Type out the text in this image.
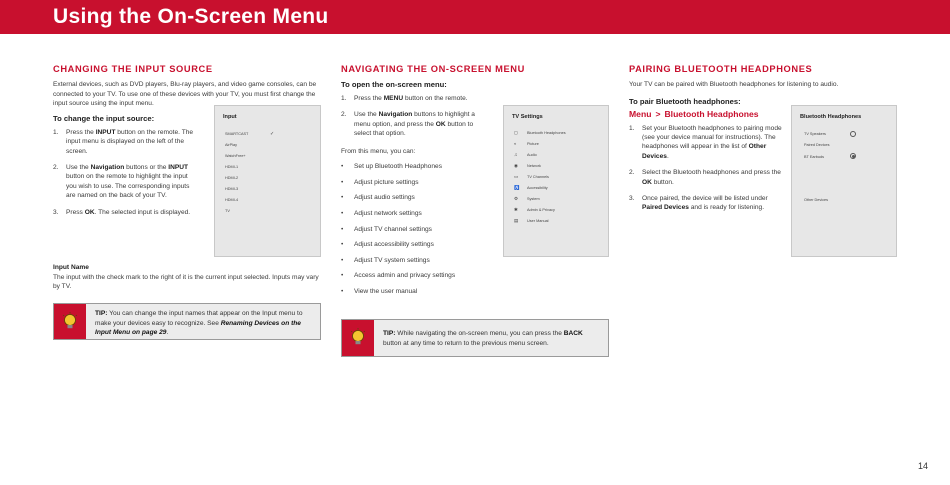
Using the On-Screen Menu
CHANGING THE INPUT SOURCE

External devices, such as DVD players, Blu-ray players, and video game consoles, can be connected to your TV. To use one of these devices with your TV, you must first change the input source using the input menu.

To change the input source:
1. Press the INPUT button on the remote. The input menu is displayed on the left of the screen.
2. Use the Navigation buttons or the INPUT button on the remote to highlight the input you wish to use. The corresponding inputs are named on the back of your TV.
3. Press OK. The selected input is displayed.
Input
SMARTCAST	✓
AirPlay
WatchFree+
HDMI-1
HDMI-2
HDMI-3
HDMI-4
TV
Input Name

The input with the check mark to the right of it is the current input selected. Inputs may vary by TV.

TIP: You can change the input names that appear on the Input menu to make your devices easy to recognize. See Renaming Devices on the Input Menu on page 29.
NAVIGATING THE ON-SCREEN MENU
To open the on-screen menu:
1. Press the MENU button on the remote.
2. Use the Navigation buttons to highlight a menu option, and press the OK button to select that option.

From this menu, you can:

• Set up Bluetooth Headphones
• Adjust picture settings
• Adjust audio settings
• Adjust network settings
• Adjust TV channel settings
• Adjust accessibility settings
• Adjust TV system settings
• Access admin and privacy settings
• View the user manual
TV Settings
◻ Bluetooth Headphones
◐	Picture
♫	Audio
◉ Network
▭ TV Channels
♿ Accessibility
⚙ System
✱ Admin & Privacy
▤ User Manual
TIP: While navigating the on-screen menu, you can press the BACK button at any time to return to the previous menu screen.
PAIRING BLUETOOTH HEADPHONES

Your TV can be paired with Bluetooth headphones for listening to audio.

To pair Bluetooth headphones:
Menu > Bluetooth Headphones
1. Set your Bluetooth headphones to pairing mode (see your device manual for instructions). The headphones will appear in the list of Other Devices.
2. Select the Bluetooth headphones and press the OK button.
3. Once paired, the device will be listed under Paired Devices and is ready for listening.
Bluetooth Headphones
TV Speakers
Paired Devices
BT Earbuds
Other Devices
14
